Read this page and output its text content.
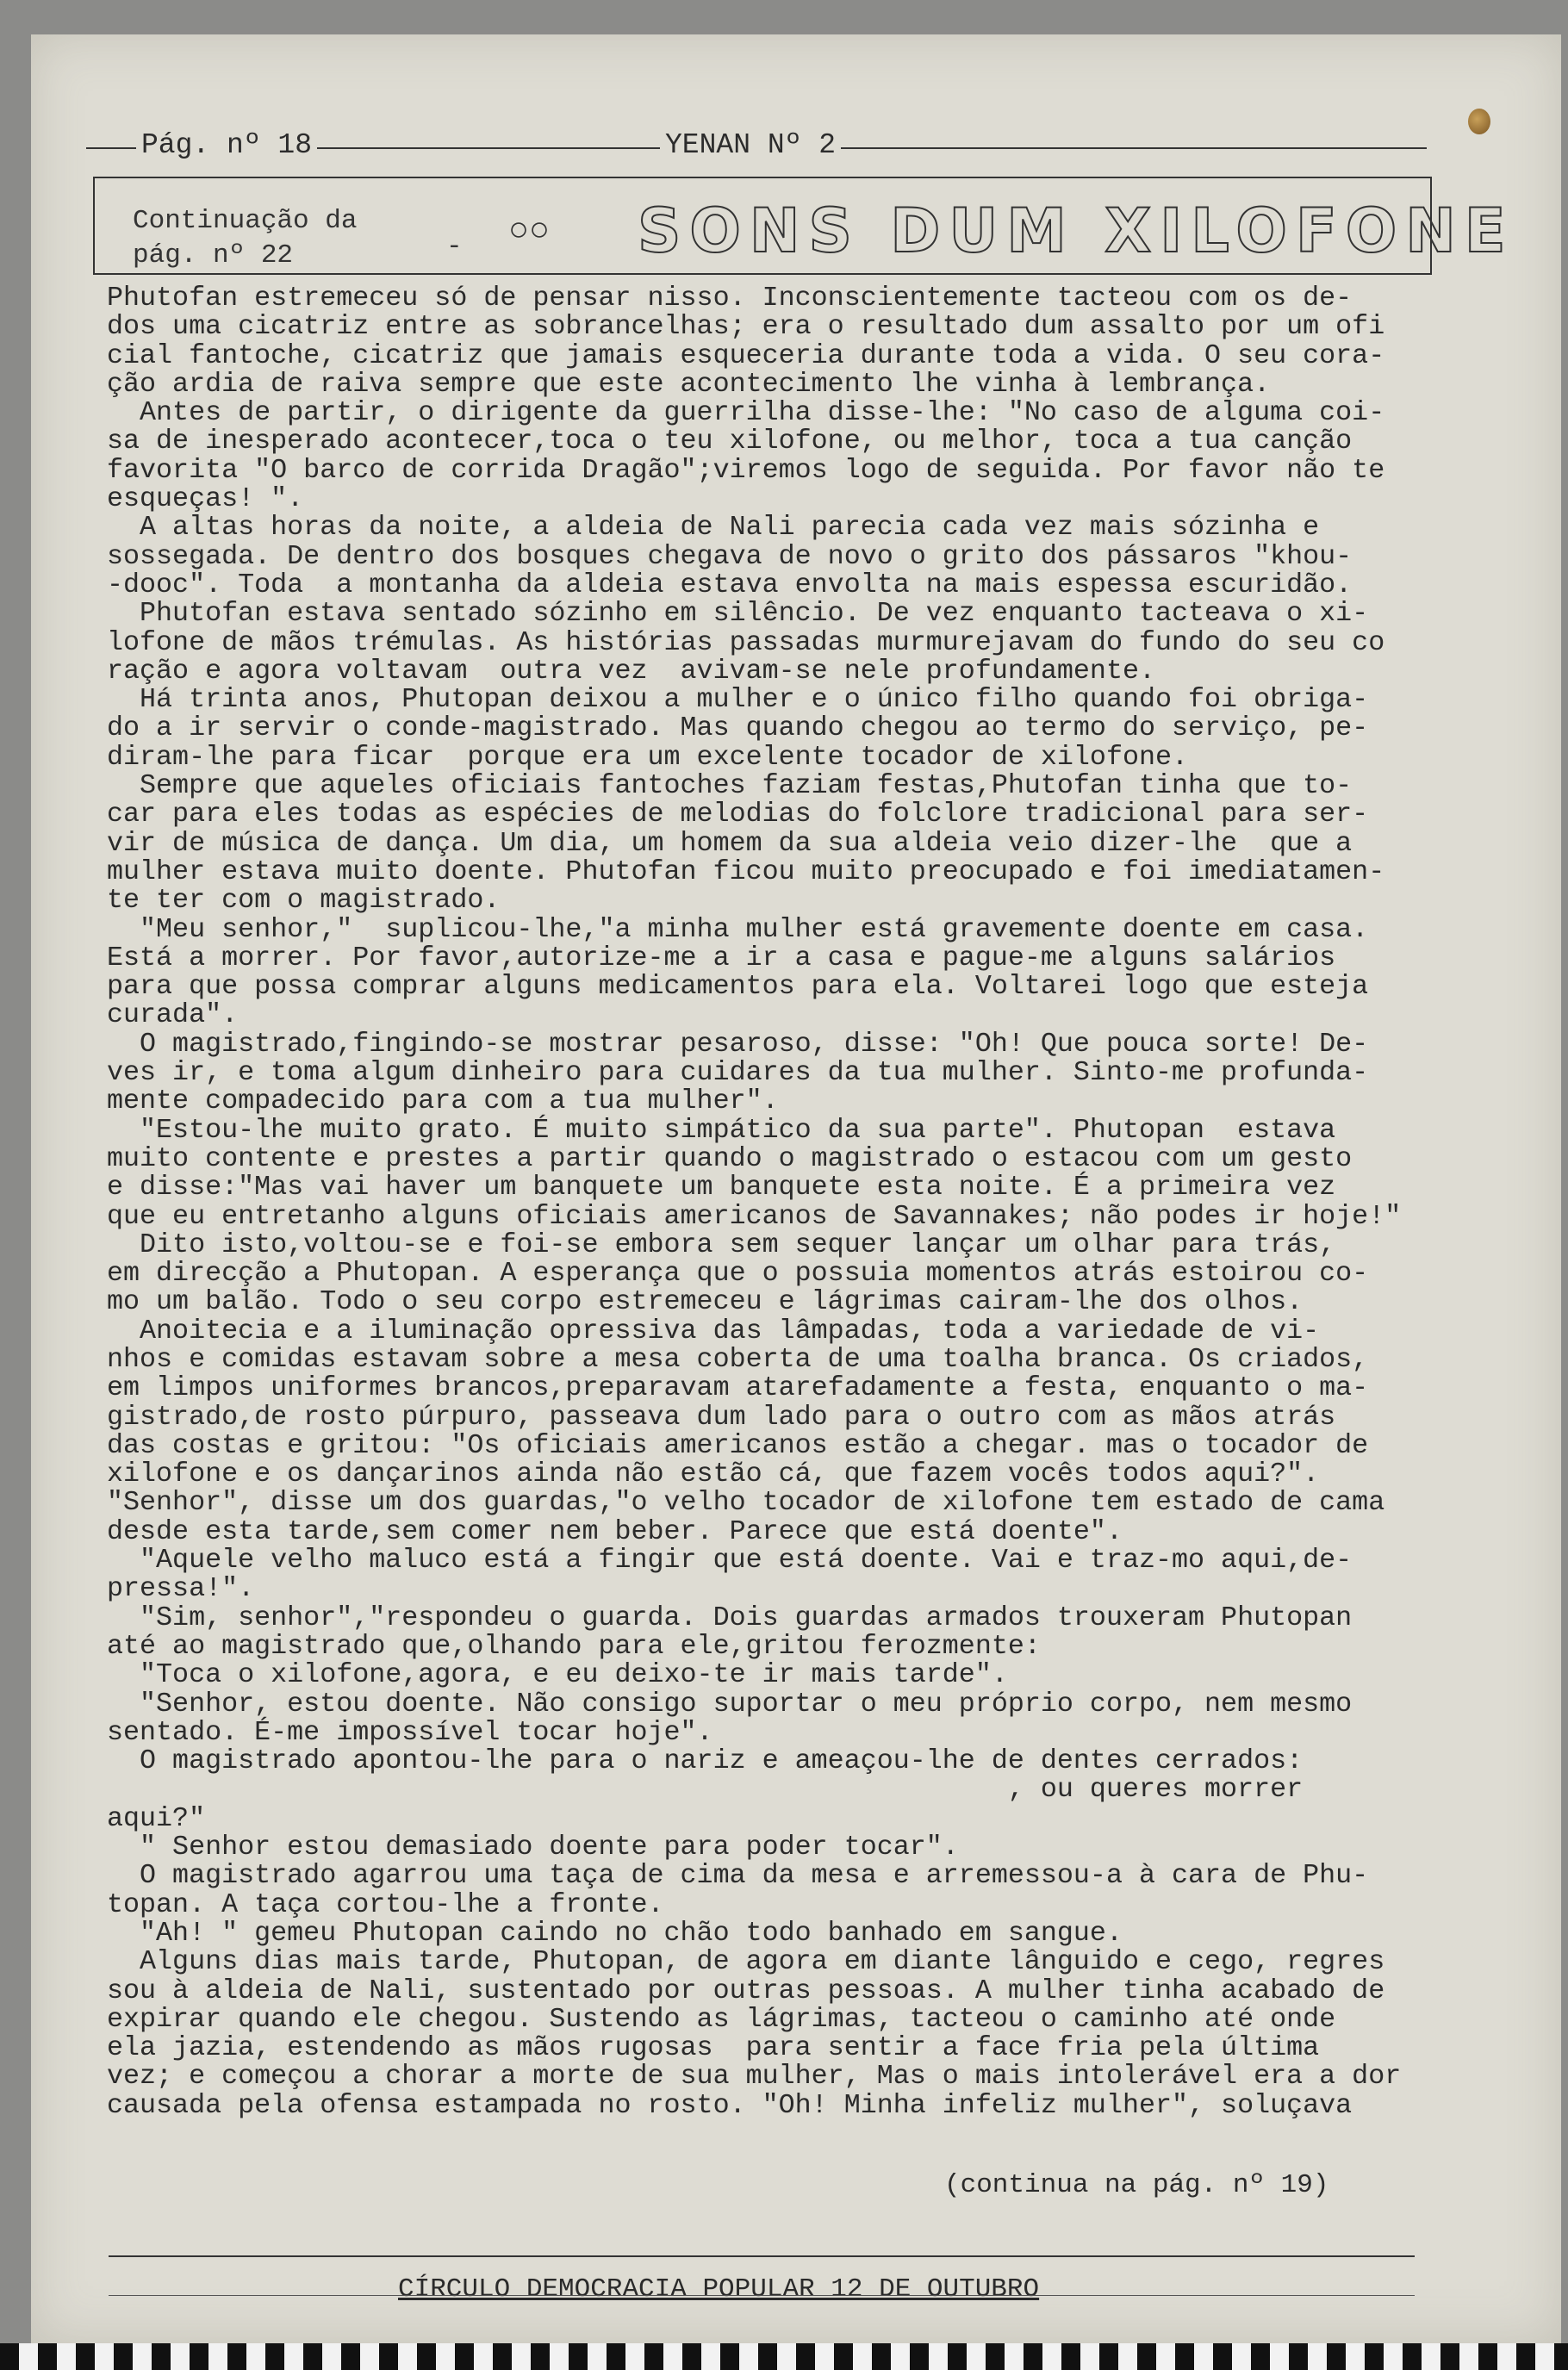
Pág. nº 18	YENAN Nº 2
Continuação da
pág. nº 22	- ○○ SONS DUM XILOFONE
Phutofan estremeceu só de pensar nisso. Inconscientemente tacteou com os de-
dos uma cicatriz entre as sobrancelhas; era o resultado dum assalto por um ofi
cial fantoche, cicatriz que jamais esqueceria durante toda a vida. O seu cora-
ção ardia de raiva sempre que este acontecimento lhe vinha à lembrança.
Antes de partir, o dirigente da guerrilha disse-lhe: "No caso de alguma coi-
sa de inesperado acontecer,toca o teu xilofone, ou melhor, toca a tua canção
favorita "O barco de corrida Dragão";viremos logo de seguida. Por favor não te
esqueças! ".
A altas horas da noite, a aldeia de Nali parecia cada vez mais sózinha e
sossegada. De dentro dos bosques chegava de novo o grito dos pássaros "khou-
-dooc". Toda  a montanha da aldeia estava envolta na mais espessa escuridão.
Phutofan estava sentado sózinho em silêncio. De vez enquanto tacteava o xi-
lofone de mãos trémulas. As histórias passadas murmurejavam do fundo do seu co
ração e agora voltavam  outra vez  avivam-se nele profundamente.
Há trinta anos, Phutopan deixou a mulher e o único filho quando foi obriga-
do a ir servir o conde-magistrado. Mas quando chegou ao termo do serviço, pe-
diram-lhe para ficar  porque era um excelente tocador de xilofone.
Sempre que aqueles oficiais fantoches faziam festas,Phutofan tinha que to-
car para eles todas as espécies de melodias do folclore tradicional para ser-
vir de música de dança. Um dia, um homem da sua aldeia veio dizer-lhe  que a
mulher estava muito doente. Phutofan ficou muito preocupado e foi imediatamen-
te ter com o magistrado.
"Meu senhor,"  suplicou-lhe,"a minha mulher está gravemente doente em casa.
Está a morrer. Por favor,autorize-me a ir a casa e pague-me alguns salários
para que possa comprar alguns medicamentos para ela. Voltarei logo que esteja
curada".
O magistrado,fingindo-se mostrar pesaroso, disse: "Oh! Que pouca sorte! De-
ves ir, e toma algum dinheiro para cuidares da tua mulher. Sinto-me profunda-
mente compadecido para com a tua mulher".
"Estou-lhe muito grato. É muito simpático da sua parte". Phutopan  estava
muito contente e prestes a partir quando o magistrado o estacou com um gesto
e disse:"Mas vai haver um banquete um banquete esta noite. É a primeira vez
que eu entretanho alguns oficiais americanos de Savannakes; não podes ir hoje!"
Dito isto,voltou-se e foi-se embora sem sequer lançar um olhar para trás,
em direcção a Phutopan. A esperança que o possuia momentos atrás estoirou co-
mo um balão. Todo o seu corpo estremeceu e lágrimas cairam-lhe dos olhos.
Anoitecia e a iluminação opressiva das lâmpadas, toda a variedade de vi-
nhos e comidas estavam sobre a mesa coberta de uma toalha branca. Os criados,
em limpos uniformes brancos,preparavam atarefadamente a festa, enquanto o ma-
gistrado,de rosto púrpuro, passeava dum lado para o outro com as mãos atrás
das costas e gritou: "Os oficiais americanos estão a chegar. mas o tocador de
xilofone e os dançarinos ainda não estão cá, que fazem vocês todos aqui?".
"Senhor", disse um dos guardas,"o velho tocador de xilofone tem estado de cama
desde esta tarde,sem comer nem beber. Parece que está doente".
"Aquele velho maluco está a fingir que está doente. Vai e traz-mo aqui,de-
pressa!".
"Sim, senhor","respondeu o guarda. Dois guardas armados trouxeram Phutopan
até ao magistrado que,olhando para ele,gritou ferozmente:
"Toca o xilofone,agora, e eu deixo-te ir mais tarde".
"Senhor, estou doente. Não consigo suportar o meu próprio corpo, nem mesmo
sentado. É-me impossível tocar hoje".
O magistrado apontou-lhe para o nariz e ameaçou-lhe de dentes cerrados:
, ou queres morrer
aqui?"
" Senhor estou demasiado doente para poder tocar".
O magistrado agarrou uma taça de cima da mesa e arremessou-a à cara de Phu-
topan. A taça cortou-lhe a fronte.
"Ah! " gemeu Phutopan caindo no chão todo banhado em sangue.
Alguns dias mais tarde, Phutopan, de agora em diante lânguido e cego, regres
sou à aldeia de Nali, sustentado por outras pessoas. A mulher tinha acabado de
expirar quando ele chegou. Sustendo as lágrimas, tacteou o caminho até onde
ela jazia, estendendo as mãos rugosas  para sentir a face fria pela última
vez; e começou a chorar a morte de sua mulher, Mas o mais intolerável era a dor
causada pela ofensa estampada no rosto. "Oh! Minha infeliz mulher", soluçava
(continua na pág. nº 19)
CÍRCULO DEMOCRACIA POPULAR 12 DE OUTUBRO
